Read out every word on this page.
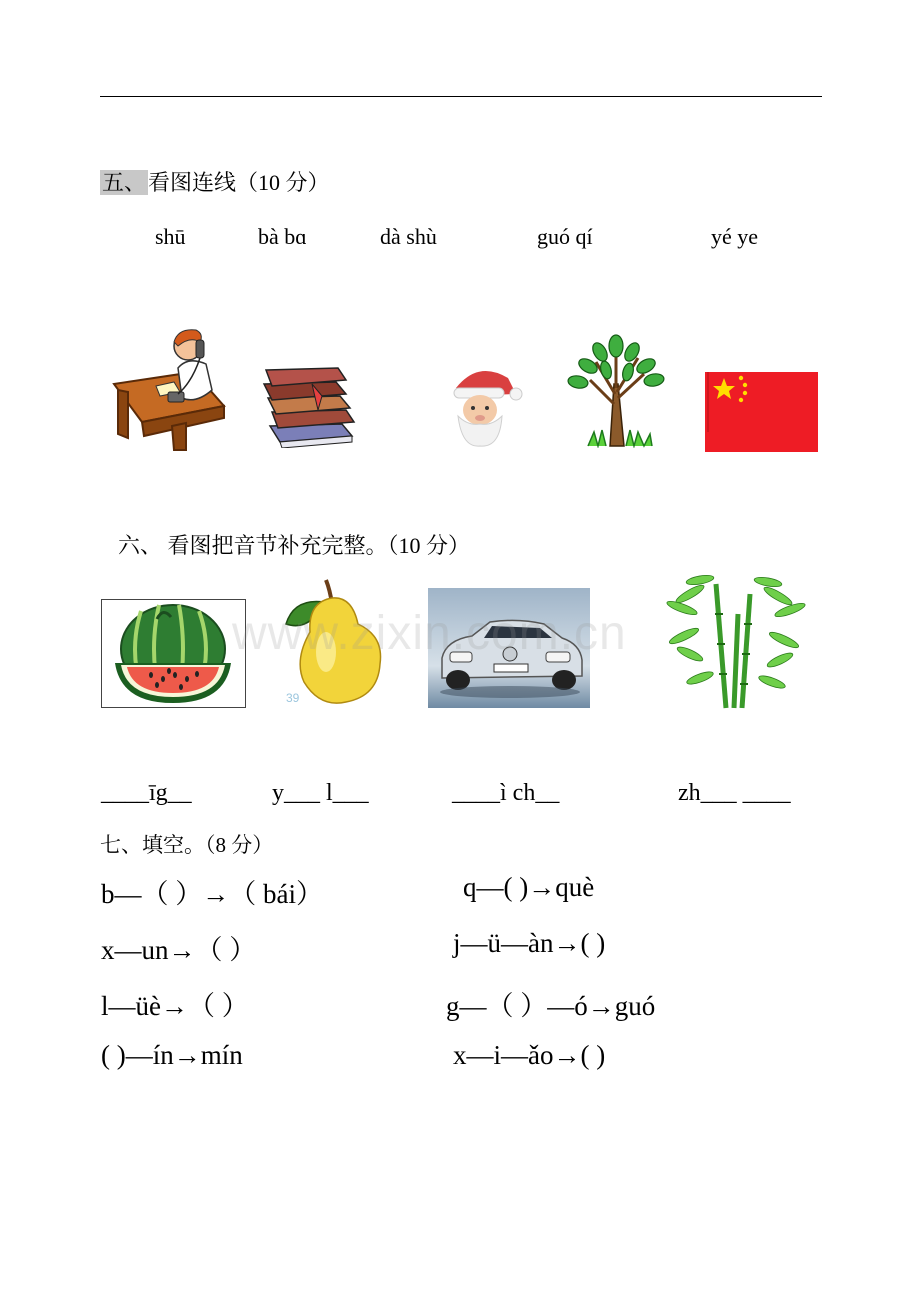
五、看图连线（10 分）
shū	bà bɑ	dà shù	guó qí	yé ye
六、 看图把音节补充完整。（10 分）
39
www.zixin.com.cn
____īg__	y___ l___	____ì ch__	zh___ ____
七、填空。（8 分）
b—（ ）→（ bái）	q—( )→què
x—un→（ ）	j—ü—àn→( )
l—üè→（ ）	g—（ ）—ó→guó
( )—ín→mín	x—i—ǎo→( )
